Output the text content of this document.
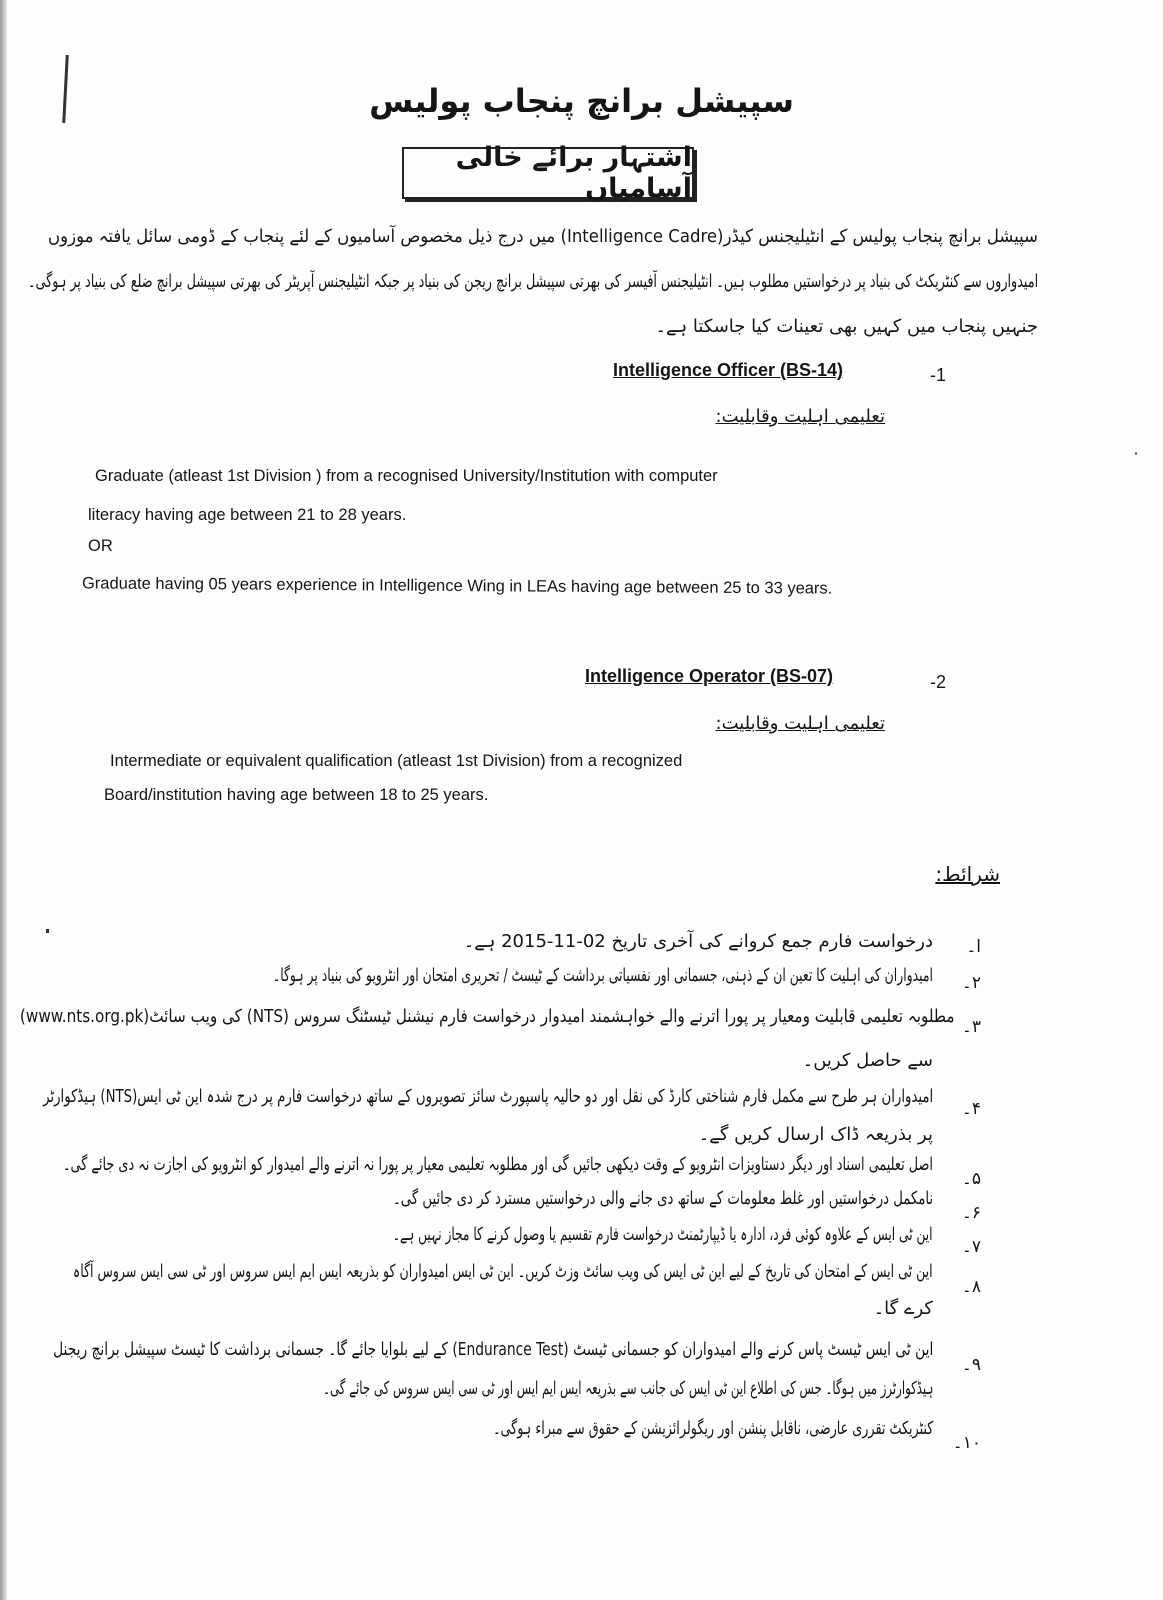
سپیشل برانچ پنجاب پولیس
اشتہار برائے خالی آسامیاں
سپیشل برانچ پنجاب پولیس کے انٹیلیجنس کیڈر(Intelligence Cadre) میں درج ذیل مخصوص آسامیوں کے لئے پنجاب کے ڈومی سائل یافتہ موزوں
امیدواروں سے کنٹریکٹ کی بنیاد پر درخواستیں مطلوب ہیں۔ انٹیلیجنس آفیسر کی بھرتی سپیشل برانچ ریجن کی بنیاد پر جبکہ انٹیلیجنس آپریٹر کی بھرتی سپیشل برانچ ضلع کی بنیاد پر ہوگی۔
جنہیں پنجاب میں کہیں بھی تعینات کیا جاسکتا ہے۔
Intelligence Officer (BS-14)	-1
تعلیمی اہلیت وقابلیت:
Graduate (atleast 1st Division ) from a recognised University/Institution with computer
literacy having age between 21 to 28 years.
OR
Graduate having 05 years experience in Intelligence Wing in LEAs having age between 25 to 33 years.
Intelligence Operator (BS-07)	-2
تعلیمی اہلیت وقابلیت:
Intermediate or equivalent qualification (atleast 1st Division) from a recognized
Board/institution having age between 18 to 25 years.
شرائط:
ا۔
درخواست فارم جمع کروانے کی آخری تاریخ 02-11-2015 ہے۔
۲۔
امیدواران کی اہلیت کا تعین ان کے ذہنی، جسمانی اور نفسیاتی برداشت کے ٹیسٹ / تحریری امتحان اور انٹرویو کی بنیاد پر ہوگا۔
۳۔
مطلوبہ تعلیمی قابلیت ومعیار پر پورا اترنے والے خواہشمند امیدوار درخواست فارم نیشنل ٹیسٹنگ سروس (NTS) کی ویب سائٹ(www.nts.org.pk)
سے حاصل کریں۔
۴۔
امیدواران ہر طرح سے مکمل فارم شناختی کارڈ کی نقل اور دو حالیہ پاسپورٹ سائز تصویروں کے ساتھ درخواست فارم پر درج شدہ این ٹی ایس(NTS) ہیڈکوارٹر
پر بذریعہ ڈاک ارسال کریں گے۔
۵۔
اصل تعلیمی اسناد اور دیگر دستاویزات انٹرویو کے وقت دیکھی جائیں گی اور مطلوبہ تعلیمی معیار پر پورا نہ اترنے والے امیدوار کو انٹرویو کی اجازت نہ دی جائے گی۔
۶۔
نامکمل درخواستیں اور غلط معلومات کے ساتھ دی جانے والی درخواستیں مسترد کر دی جائیں گی۔
۷۔
این ٹی ایس کے علاوہ کوئی فرد، ادارہ یا ڈیپارٹمنٹ درخواست فارم تقسیم یا وصول کرنے کا مجاز نہیں ہے۔
۸۔
این ٹی ایس کے امتحان کی تاریخ کے لیے این ٹی ایس کی ویب سائٹ وزٹ کریں۔ این ٹی ایس امیدواران کو بذریعہ ایس ایم ایس سروس اور ٹی سی ایس سروس آگاہ
کرے گا۔
۹۔
این ٹی ایس ٹیسٹ پاس کرنے والے امیدواران کو جسمانی ٹیسٹ (Endurance Test) کے لیے بلوایا جائے گا۔ جسمانی برداشت کا ٹیسٹ سپیشل برانچ ریجنل
ہیڈکوارٹرز میں ہوگا۔ جس کی اطلاع این ٹی ایس کی جانب سے بذریعہ ایس ایم ایس اور ٹی سی ایس سروس کی جائے گی۔
۱۰۔
کنٹریکٹ تقرری عارضی، ناقابل پنشن اور ریگولرائزیشن کے حقوق سے مبراء ہوگی۔
